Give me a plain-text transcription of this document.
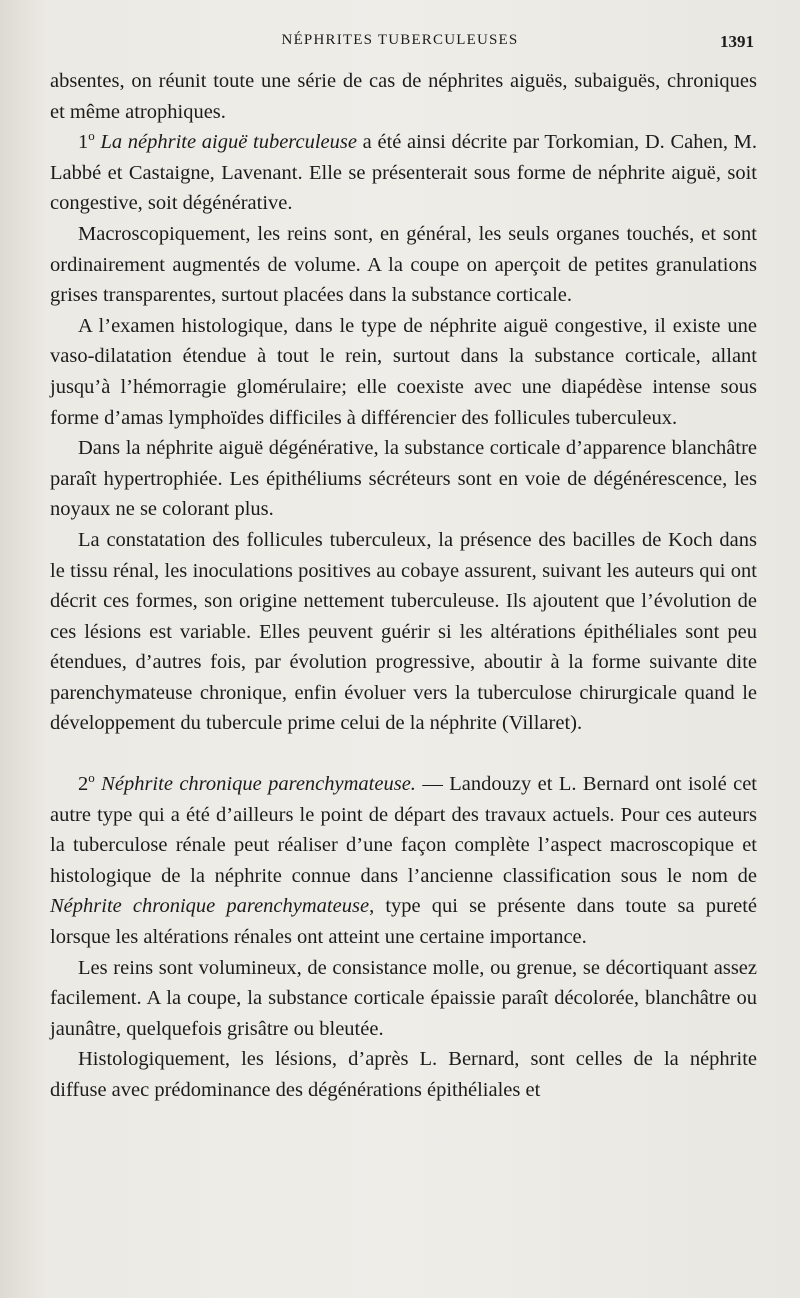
NÉPHRITES TUBERCULEUSES	1391

absentes, on réunit toute une série de cas de néphrites aiguës, subaiguës, chroniques et même atrophiques.

1$^o$ La néphrite aiguë tuberculeuse a été ainsi décrite par Torkomian, D. Cahen, M. Labbé et Castaigne, Lavenant. Elle se présenterait sous forme de néphrite aiguë, soit congestive, soit dégénérative.

Macroscopiquement, les reins sont, en général, les seuls organes touchés, et sont ordinairement augmentés de volume. A la coupe on aperçoit de petites granulations grises transparentes, surtout placées dans la substance corticale.

A l’examen histologique, dans le type de néphrite aiguë congestive, il existe une vaso-dilatation étendue à tout le rein, surtout dans la substance corticale, allant jusqu’à l’hémorragie glomérulaire; elle coexiste avec une diapédèse intense sous forme d’amas lymphoïdes difficiles à différencier des follicules tuberculeux.

Dans la néphrite aiguë dégénérative, la substance corticale d’apparence blanchâtre paraît hypertrophiée. Les épithéliums sécréteurs sont en voie de dégénérescence, les noyaux ne se colorant plus.

La constatation des follicules tuberculeux, la présence des bacilles de Koch dans le tissu rénal, les inoculations positives au cobaye assurent, suivant les auteurs qui ont décrit ces formes, son origine nettement tuberculeuse. Ils ajoutent que l’évolution de ces lésions est variable. Elles peuvent guérir si les altérations épithéliales sont peu étendues, d’autres fois, par évolution progressive, aboutir à la forme suivante dite parenchymateuse chronique, enfin évoluer vers la tuberculose chirurgicale quand le développement du tubercule prime celui de la néphrite (Villaret).

2$^o$ Néphrite chronique parenchymateuse. — Landouzy et L. Bernard ont isolé cet autre type qui a été d’ailleurs le point de départ des travaux actuels. Pour ces auteurs la tuberculose rénale peut réaliser d’une façon complète l’aspect macroscopique et histologique de la néphrite connue dans l’ancienne classification sous le nom de Néphrite chronique parenchymateuse, type qui se présente dans toute sa pureté lorsque les altérations rénales ont atteint une certaine importance.

Les reins sont volumineux, de consistance molle, ou grenue, se décortiquant assez facilement. A la coupe, la substance corticale épaissie paraît décolorée, blanchâtre ou jaunâtre, quelquefois grisâtre ou bleutée.

Histologiquement, les lésions, d’après L. Bernard, sont celles de la néphrite diffuse avec prédominance des dégénérations épithéliales et
